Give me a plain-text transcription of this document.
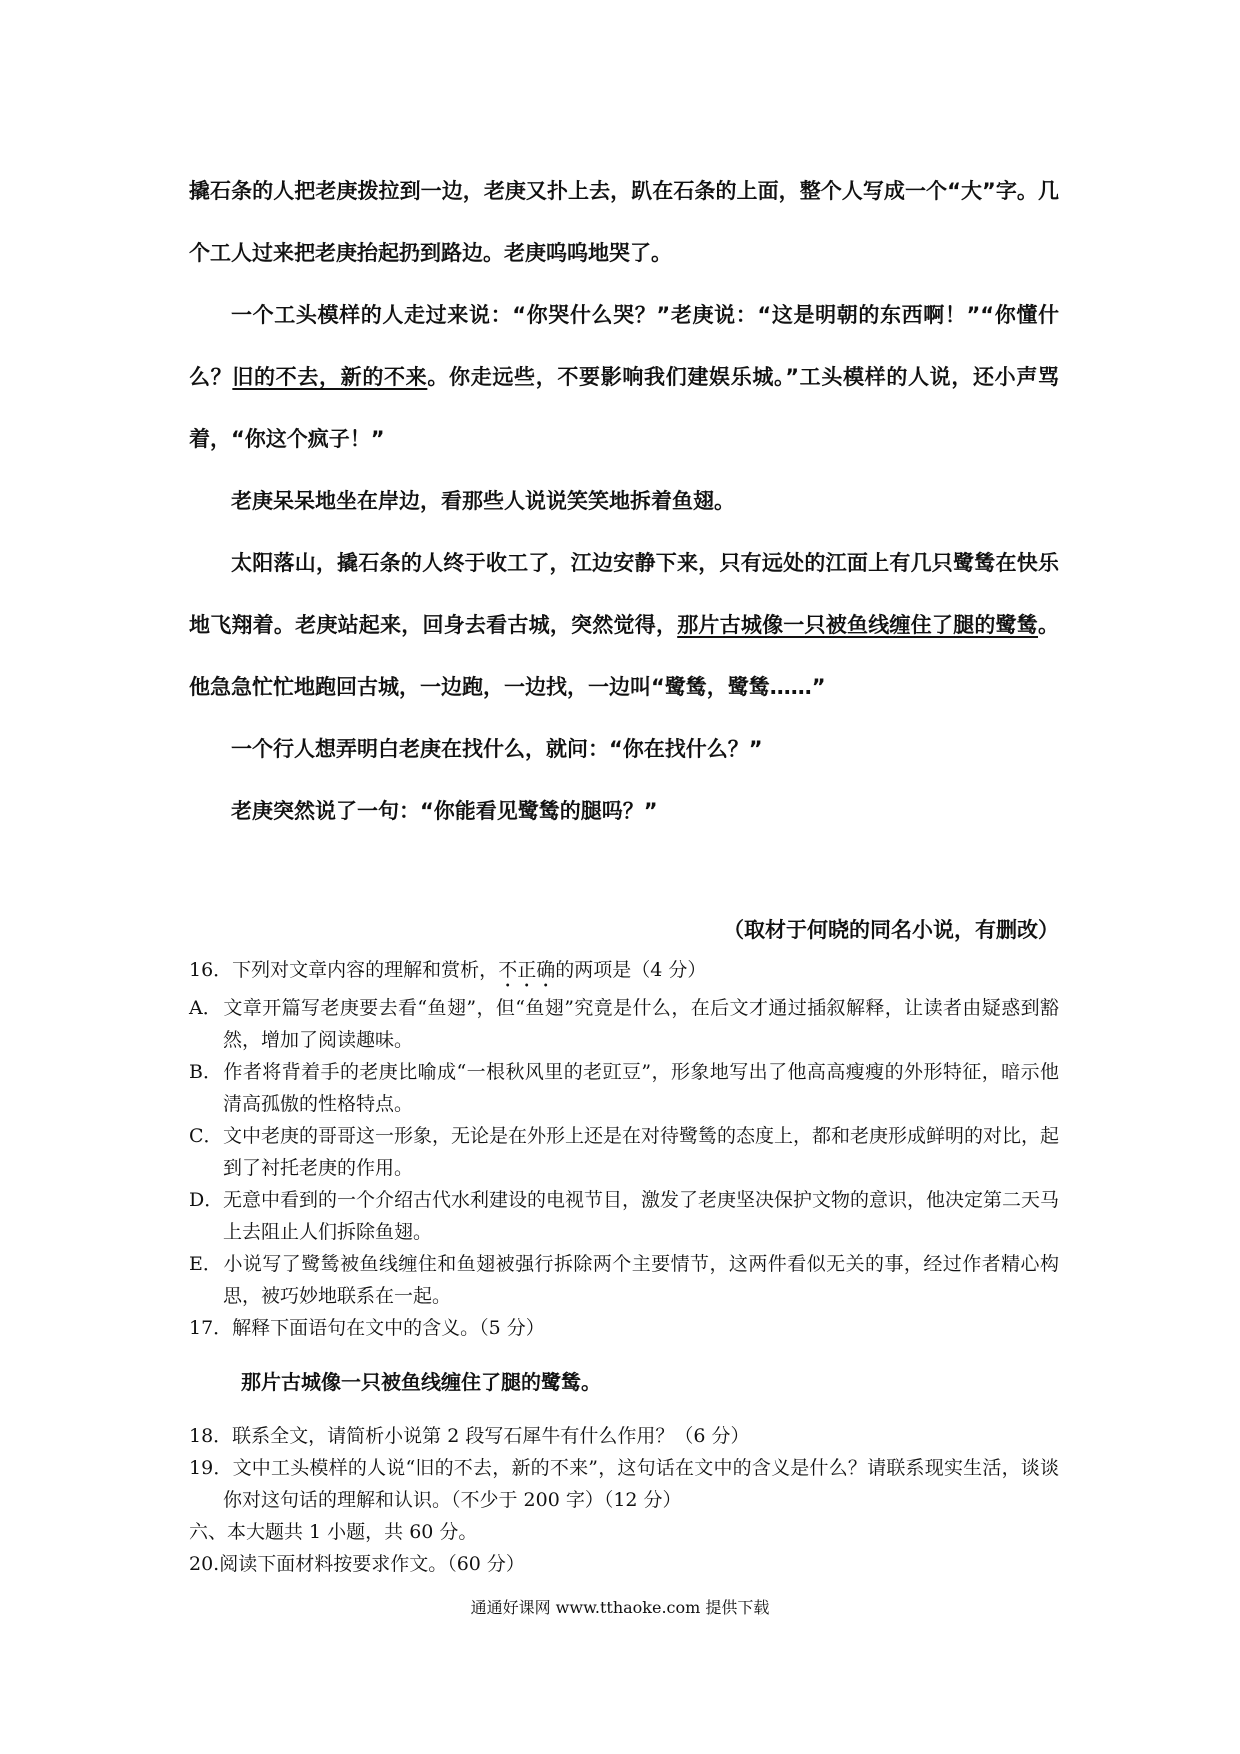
撬石条的人把老庚拨拉到一边，老庚又扑上去，趴在石条的上面，整个人写成一个“大”字。几个工人过来把老庚抬起扔到路边。老庚呜呜地哭了。

一个工头模样的人走过来说：“你哭什么哭？”老庚说：“这是明朝的东西啊！”“你懂什么？旧的不去，新的不来。你走远些，不要影响我们建娱乐城。”工头模样的人说，还小声骂着，“你这个疯子！”

老庚呆呆地坐在岸边，看那些人说说笑笑地拆着鱼翅。

太阳落山，撬石条的人终于收工了，江边安静下来，只有远处的江面上有几只鹭鸶在快乐地飞翔着。老庚站起来，回身去看古城，突然觉得，那片古城像一只被鱼线缠住了腿的鹭鸶。他急急忙忙地跑回古城，一边跑，一边找，一边叫“鹭鸶，鹭鸶……”

一个行人想弄明白老庚在找什么，就问：“你在找什么？”

老庚突然说了一句：“你能看见鹭鸶的腿吗？”

（取材于何晓的同名小说，有删改）

16．下列对文章内容的理解和赏析，不正确的两项是（4 分）

A．文章开篇写老庚要去看“鱼翅”，但“鱼翅”究竟是什么，在后文才通过插叙解释，让读者由疑惑到豁然，增加了阅读趣味。

B．作者将背着手的老庚比喻成“一根秋风里的老豇豆”，形象地写出了他高高瘦瘦的外形特征，暗示他清高孤傲的性格特点。

C．文中老庚的哥哥这一形象，无论是在外形上还是在对待鹭鸶的态度上，都和老庚形成鲜明的对比，起到了衬托老庚的作用。

D．无意中看到的一个介绍古代水利建设的电视节目，激发了老庚坚决保护文物的意识，他决定第二天马上去阻止人们拆除鱼翅。

E．小说写了鹭鸶被鱼线缠住和鱼翅被强行拆除两个主要情节，这两件看似无关的事，经过作者精心构思，被巧妙地联系在一起。

17．解释下面语句在文中的含义。（5 分）

那片古城像一只被鱼线缠住了腿的鹭鸶。

18．联系全文，请简析小说第 2 段写石犀牛有什么作用？（6 分）

19．文中工头模样的人说“旧的不去，新的不来”，这句话在文中的含义是什么？请联系现实生活，谈谈你对这句话的理解和认识。（不少于 200 字）（12 分）

六、本大题共 1 小题，共 60 分。

20.阅读下面材料按要求作文。（60 分）

通通好课网 www.tthaoke.com 提供下载
